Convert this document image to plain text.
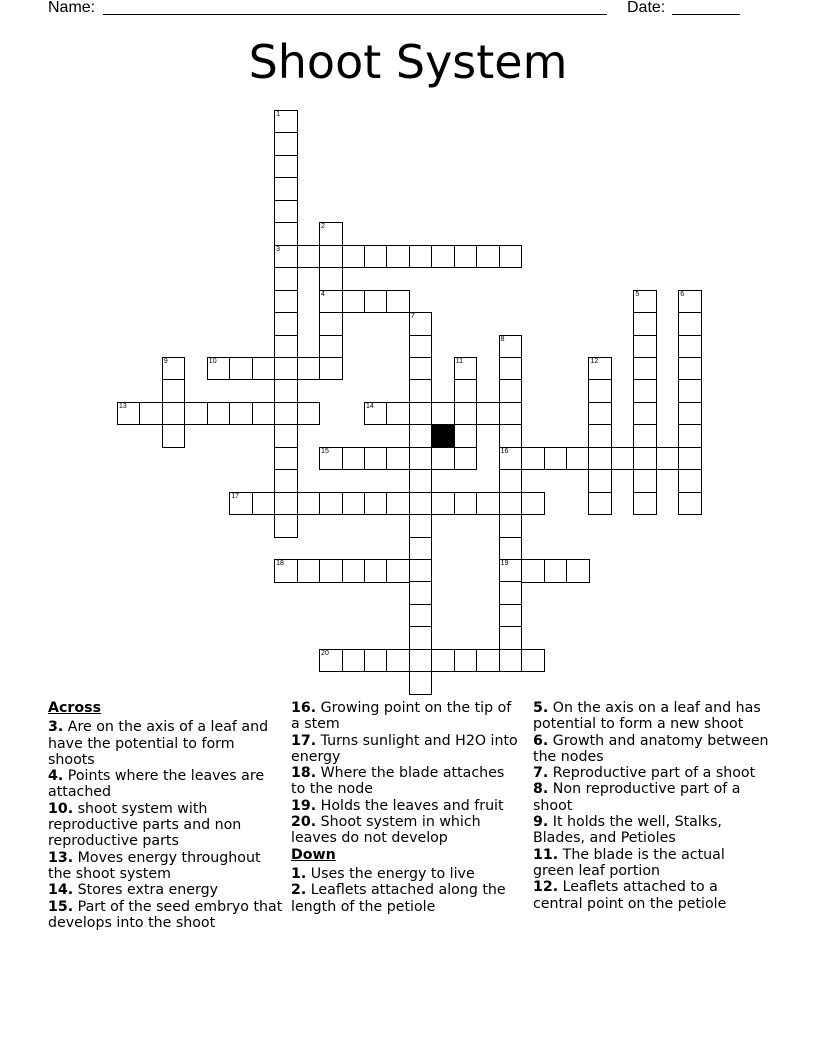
Name:	Date:
Shoot System
3
4
10
13	14
15	16
17
18	19
20
1
2
5	6
7
8
9	11	12
Across
3. Are on the axis of a leaf and have the potential to form shoots
4. Points where the leaves are attached
10. shoot system with reproductive parts and non reproductive parts
13. Moves energy throughout the shoot system
14. Stores extra energy
15. Part of the seed embryo that develops into the shoot
16. Growing point on the tip of a stem
17. Turns sunlight and H2O into energy
18. Where the blade attaches to the node
19. Holds the leaves and fruit
20. Shoot system in which leaves do not develop
Down
1. Uses the energy to live
2. Leaflets attached along the length of the petiole
5. On the axis on a leaf and has potential to form a new shoot
6. Growth and anatomy between the nodes
7. Reproductive part of a shoot
8. Non reproductive part of a shoot
9. It holds the well, Stalks, Blades, and Petioles
11. The blade is the actual green leaf portion
12. Leaflets attached to a central point on the petiole
